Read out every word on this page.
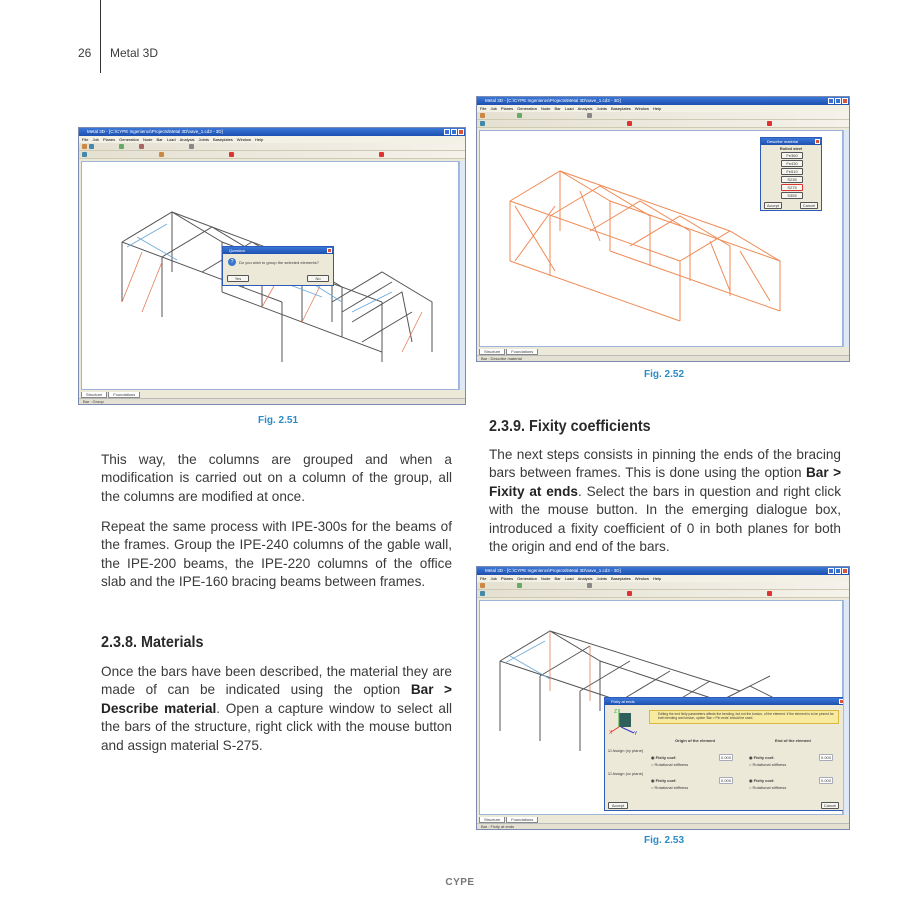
26 Metal 3D
Metal 3D - [C:\CYPE Ingenieros\Projects\Metal 3D\nave_1.cd3 - 3D]
File Job Planes Generation Node Bar Load Analysis Joints Baseplates Window Help
Question
?	Do you wish to group the selected elements?
Yes	No
Structure	Foundations
Bar : Group
Fig. 2.51
Metal 3D - [C:\CYPE Ingenieros\Projects\Metal 3D\nave_1.cd3 - 3D]
File Job Planes Generation Node Bar Load Analysis Joints Baseplates Window Help
Describe material
Rolled steel
Fe360
Fe430
Fe510
S235
S275
S355
Accept	Cancel
Structure	Foundations
Bar : Describe material
Fig. 2.52
Metal 3D - [C:\CYPE Ingenieros\Projects\Metal 3D\nave_1.cd3 - 3D]
File Job Planes Generation Node Bar Load Analysis Joints Baseplates Window Help
Fixity at ends
X	Y
Z	Editing the end fixity parameters affects the bending, but not the torsion, of the element. If the element is to be pinned for both bending and torsion, option 'Bar > Pin ends' should be used.
Origin of the element	End of the element
☑ Assign (xy plane)
◉ Fixity coef.
○ Rotational stiffness
0.000	◉ Fixity coef.
○ Rotational stiffness
0.000
☑ Assign (xz plane)
◉ Fixity coef.
○ Rotational stiffness
0.000	◉ Fixity coef.
○ Rotational stiffness
0.000
Accept	Cancel
Structure	Foundations
Bar : Fixity at ends
Fig. 2.53
This way, the columns are grouped and when a modification is carried out on a column of the group, all the columns are modified at once.
Repeat the same process with IPE-300s for the beams of the frames. Group the IPE-240 columns of the gable wall, the IPE-200 beams, the IPE-220 columns of the office slab and the IPE-160 bracing beams between frames.
2.3.8. Materials
Once the bars have been described, the material they are made of can be indicated using the option Bar > Describe material. Open a capture window to select all the bars of the structure, right click with the mouse button and assign material S-275.
2.3.9. Fixity coefficients
The next steps consists in pinning the ends of the bracing bars between frames. This is done using the option Bar > Fixity at ends. Select the bars in question and right click with the mouse button. In the emerging dialogue box, introduced a fixity coefficient of 0 in both planes for both the origin and end of the bars.
CYPE
